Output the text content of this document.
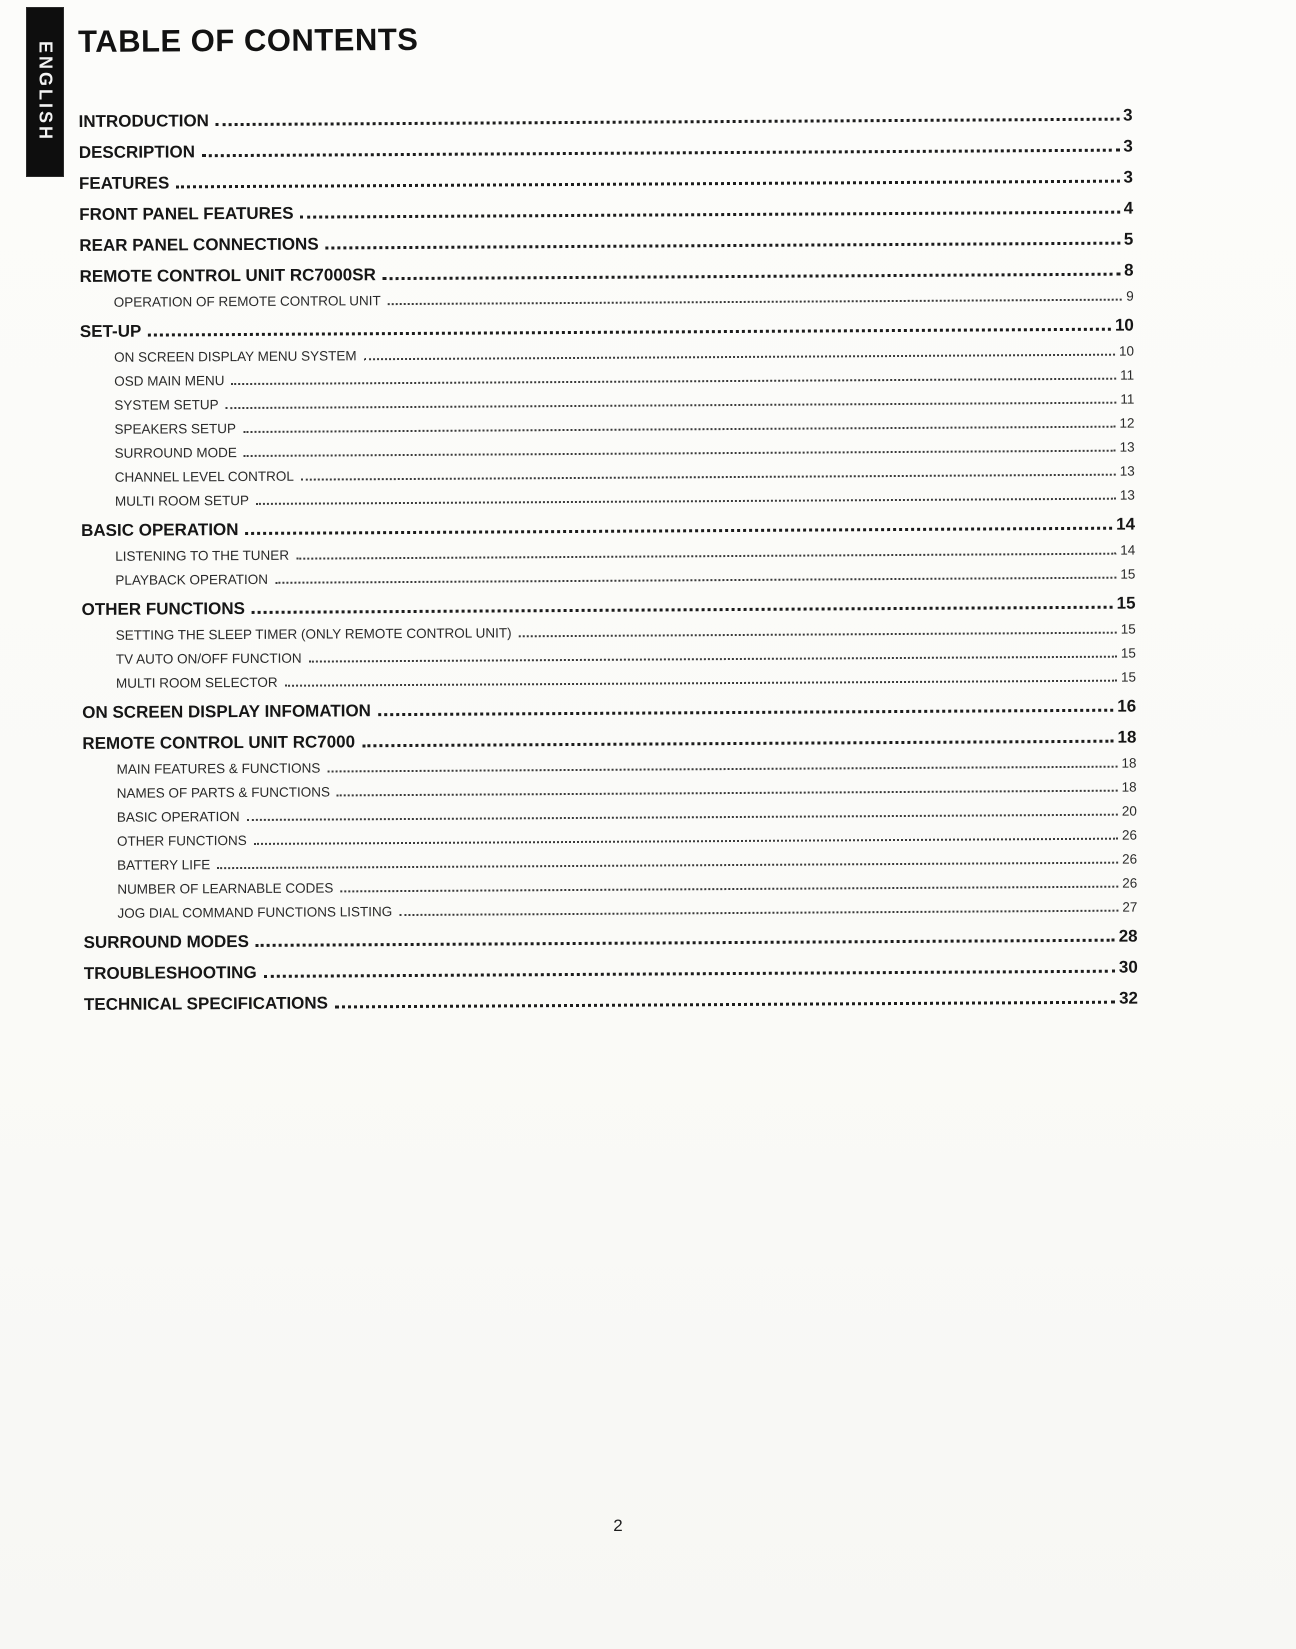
ENGLISH
TABLE OF CONTENTS
INTRODUCTION	3
DESCRIPTION	3
FEATURES	3
FRONT PANEL FEATURES	4
REAR PANEL CONNECTIONS	5
REMOTE CONTROL UNIT RC7000SR	8
OPERATION OF REMOTE CONTROL UNIT	9
SET-UP	10
ON SCREEN DISPLAY MENU SYSTEM	10
OSD MAIN MENU	11
SYSTEM SETUP	11
SPEAKERS SETUP	12
SURROUND MODE	13
CHANNEL LEVEL CONTROL	13
MULTI ROOM SETUP	13
BASIC OPERATION	14
LISTENING TO THE TUNER	14
PLAYBACK OPERATION	15
OTHER FUNCTIONS	15
SETTING THE SLEEP TIMER (ONLY REMOTE CONTROL UNIT)	15
TV AUTO ON/OFF FUNCTION	15
MULTI ROOM SELECTOR	15
ON SCREEN DISPLAY INFOMATION	16
REMOTE CONTROL UNIT RC7000	18
MAIN FEATURES & FUNCTIONS	18
NAMES OF PARTS & FUNCTIONS	18
BASIC OPERATION	20
OTHER FUNCTIONS	26
BATTERY LIFE	26
NUMBER OF LEARNABLE CODES	26
JOG DIAL COMMAND FUNCTIONS LISTING	27
SURROUND MODES	28
TROUBLESHOOTING	30
TECHNICAL SPECIFICATIONS	32
2
